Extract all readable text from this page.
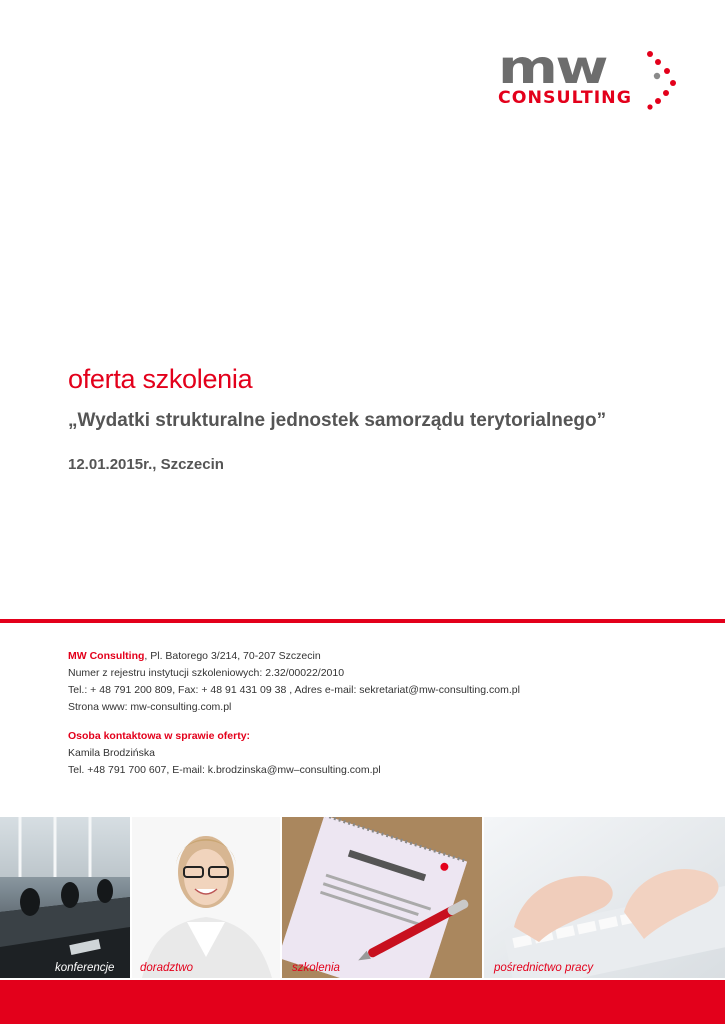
mw
CONSULTING
oferta szkolenia
„Wydatki strukturalne jednostek samorządu terytorialnego”

12.01.2015r., Szczecin

MW Consulting, Pl. Batorego 3/214, 70-207 Szczecin

Numer z rejestru instytucji szkoleniowych: 2.32/00022/2010

Tel.: + 48 791 200 809, Fax: + 48 91 431 09 38 , Adres e-mail: sekretariat@mw-consulting.com.pl

Strona www: mw-consulting.com.pl

Osoba kontaktowa w sprawie oferty:

Kamila Brodzińska

Tel. +48 791 700 607, E-mail: k.brodzinska@mw–consulting.com.pl

konferencje doradztwo	szkolenia	pośrednictwo pracy
